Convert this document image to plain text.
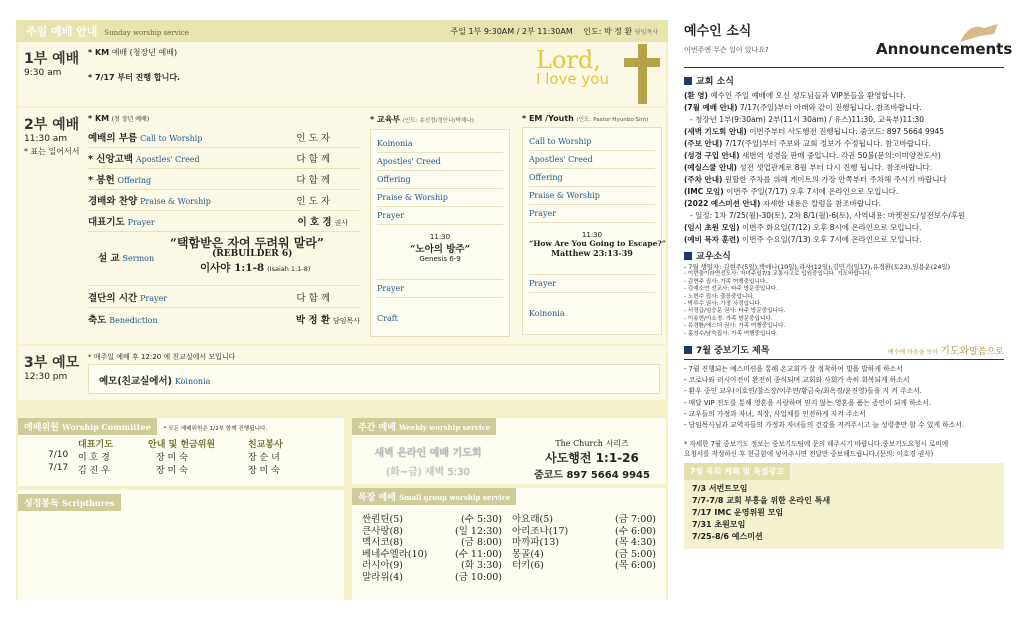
주일 예배 안내 Sunday worship service	주일 1부 9:30AM / 2부 11:30AM 인도: 박 정 환 담임목사
1부 예배
9:30 am
* KM 예배 (청장년 예배)
* 7/17 부터 진행 합니다.
Lord,
I love you
2부 예배
11:30 am
* 표는 일어서서
* KM (청 장년 예배)
예배의 부름 Call to Worship	인 도 자
* 신앙고백 Apostles' Creed	다 함 께
* 봉헌 Offering	다 함 께
경배와 찬양 Praise & Worship	인 도 자
대표기도 Prayer	이 호 경 권사
설 교 Sermon
“택함받은 자여 두려워 말라”
(REBUILDER 6)
이사야 1:1-8 (Isaiah 1:1-8)
결단의 시간 Prayer	다 함 께
축도 Benediction	박 정 환 담임목사
* 교육부 (인도: 송선정/정안나/박해나)
Koinonia
Apostles' Creed
Offering
Praise & Worship
Prayer
11:30
“노아의 방주”
Genesis 6-9
Prayer
Craft
* EM /Youth (인도: Pastor Hyunbo Sim)
Call to Worship
Apostles' Creed
Offering
Praise & Worship
Prayer
11:30
“How Are You Going to Escape?”
Matthew 23:13-39
Prayer
Koinonia
3부 예모
12:30 pm
* 매주일 예배 후 12:20 에 친교실에서 모입니다
예모(친교실에서) Koinonia
예배위원 Worship Committee * 모든 예배위원은 1/2부 함께 진행됩니다.
대표기도	안내 및 헌금위원	친교봉사
7/10	이 호 경	장 미 숙	장 순 녀
7/17	김 진 우	장 미 숙	장 미 숙
성경봉독 Scripthures
주간 예배 Weekly worship service
새벽 온라인 예배 기도회
(화~금) 새벽 5:30
The Church 시리즈
사도행전 1:1-26
줌코드 897 5664 9945
목장 예배 Small group worship service
싼퀀틴(5)	(수 5:30)
큰사랑(8)	(일 12:30)
멕시코(8)	(금 8:00)
베네수엘라(10)	(수 11:00)
러시아(9)	(화 3:30)
말라위(4)	(금 10:00)
아요래(5)	(금 7:00)
아리조나(17)	(수 6:00)
마까파(13)	(목 4:30)
몽골(4)	(금 5:00)
터키(6)	(목 6:00)
예수인 소식
이번주엔 무슨 일이 있나요?	Announcements
교회 소식
(환 영) 예수인 주일 예배에 오신 성도님들과 VIP분들을 환영합니다.
(7월 예배 안내) 7/17(주일)부터 아래와 같이 진행됩니다. 참조바랍니다.
- 청장년 1부(9:30am) 2부(11시 30am) / 유스)11:30, 교육부)11:30
(새벽 기도회 안내) 이번주부터 사도행전 진행됩니다. 줌코드: 897 5664 9945
(주보 안내) 7/17(주일)부터 주보와 교회 정보가 수정됩니다. 참고바랍니다.
(성경 구입 안내) 새번역 성경을 판매 중입니다. 각권 50불(문의:이미양전도사)
(예실스쿨 안내) 성전 셋업관계로 8월 부터 다시 진행 됩니다. 참조바랍니다.
(주차 안내) 원할한 주차를 위해 게이트의 가장 안쪽부터 주차해 주시기 바랍니다
(IMC 모임) 이번주 주일(7/17) 오후 7시에 온라인으로 모입니다.
(2022 예스미션 안내) 자세한 내용은 칼럼을 참조바랍니다.
- 일정: 1차 7/25(월)-30(토), 2차 8/1(월)-6(토), 사역내용: 마켓전도/성전보수/후원
(임시 초원 모임) 이번주 화요일(7/12) 오후 8시에 온라인으로 모입니다.
(예비 목자 훈련) 이번주 수요일(7/13) 오후 7시에 온라인으로 모입니다.
교우소식
- 7월 생일자: 김현주(5일),박애나(10일),리사(12일),김민기(일17),유경환(토23),임용운(24일)
- 이번출이라면전도사: 자녀주일7/3 교통사고로 입원중입니다. 기도바랍니다.
- 김현주 집사: 가족 여행중입니다.
- 김예소연 선교사: 타주 방문중입니다.
- 노현수 집사: 출장중입니다.
- 박루수 권사: 가정 사정입니다.
- 서정급/임승문 권사: 타주 방문중입니다.
- 이송현/이소정: 가족 방문중입니다.
- 유경환/에스더 권사: 가족 여행중입니다.
- 홍성수/남숙집사: 가족 여행중입니다.
7월 중보기도 제목	예수에 마음을 모아 기도와말씀으로
- 7월 진행되는 예스미션을 통해 온교회가 잘 정착하여 빛을 발하게 하소서
- 코로나와 러시아전이 완전히 종식되며 교회와 사회가 속히 회복되게 하소서
- 환우 중인 교우(이호연/찰스장/이주연/황금숙/최옥경/윤진영)들을 지 켜 주소서.
- 매달 VIP 전도를 통해 영혼을 사랑하며 믿지 않는 영혼을 품는 증인이 되게 하소서.
- 교우들의 가정과 자녀, 직장, 사업체를 인전하게 지켜 주소서
- 담임목사님과 교역자들의 가정과 자녀들의 건강을 지켜주시고 늘 성령충만 할 수 있게 하소서.
* 자세한 7월 중보기도 정보는 중보기도팀에 문의 해주시기 바랍니다.중보기도요청시 로비에
요청서를 작성하신 후 헌금함에 넣어주시면 전달만 중보해드립니다.(문의: 이호경 권사)
7월 목회 계획 및 특별광고
7/3 서번트모임
7/7-7/8 교회 부흥을 위한 온라인 특새
7/17 IMC 운영위원 모임
7/31 초원모임
7/25-8/6 예스미션
